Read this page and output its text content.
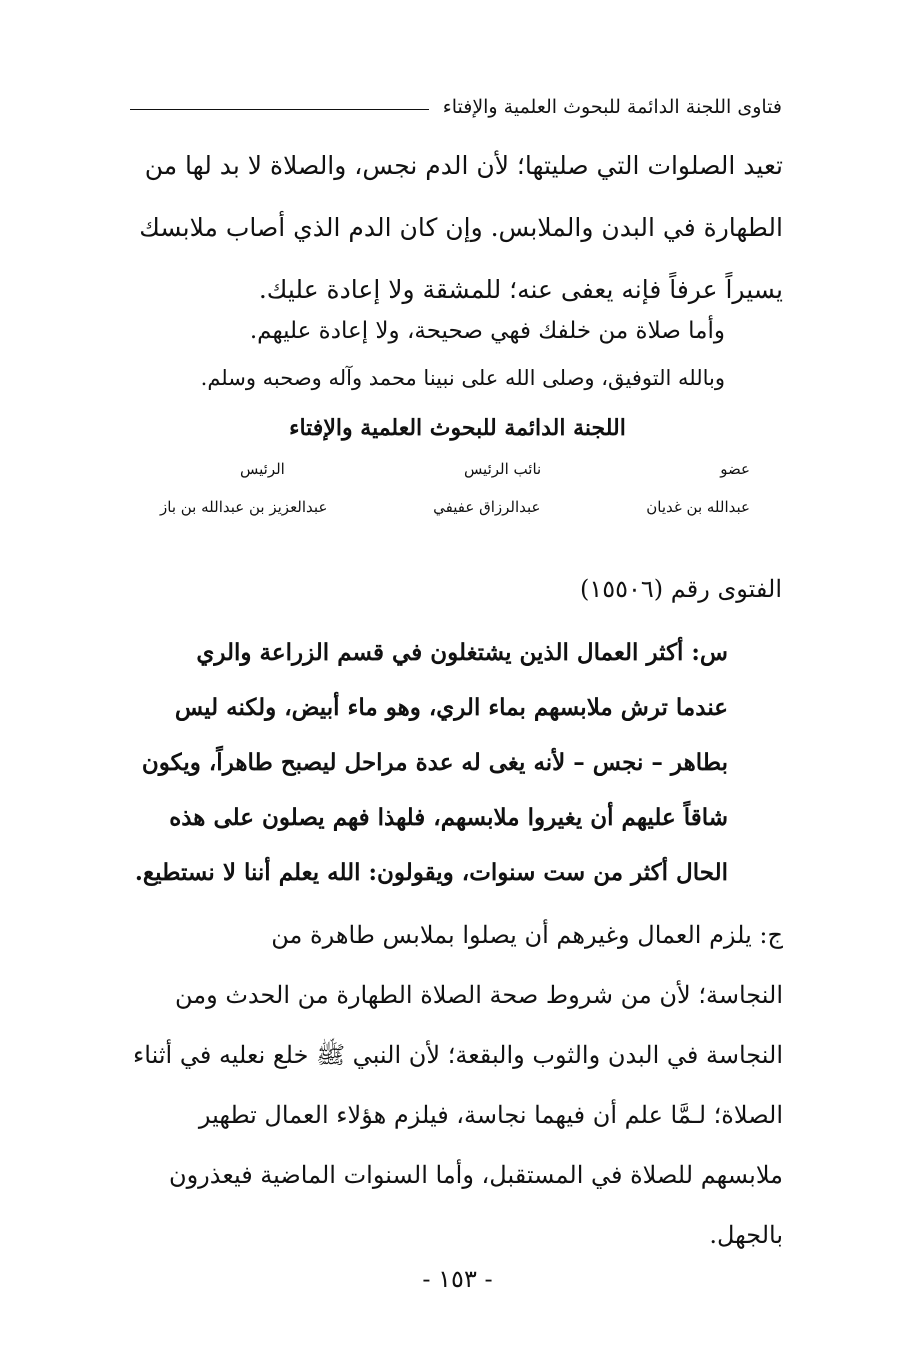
فتاوى اللجنة الدائمة للبحوث العلمية والإفتاء

تعيد الصلوات التي صليتها؛ لأن الدم نجس، والصلاة لا بد لها من

الطهارة في البدن والملابس. وإن كان الدم الذي أصاب ملابسك

يسيراً عرفاً فإنه يعفى عنه؛ للمشقة ولا إعادة عليك.

وأما صلاة من خلفك فهي صحيحة، ولا إعادة عليهم.
وبالله التوفيق، وصلى الله على نبينا محمد وآله وصحبه وسلم.
اللجنة الدائمة للبحوث العلمية والإفتاء
عضو
نائب الرئيس
الرئيس
عبدالله بن غديان
عبدالرزاق عفيفي
عبدالعزيز بن عبدالله بن باز
الفتوى رقم (١٥٥٠٦)

س: أكثر العمال الذين يشتغلون في قسم الزراعة والري

عندما ترش ملابسهم بماء الري، وهو ماء أبيض، ولكنه ليس

بطاهر – نجس – لأنه يغى له عدة مراحل ليصبح طاهراً، ويكون

شاقاً عليهم أن يغيروا ملابسهم، فلهذا فهم يصلون على هذه

الحال أكثر من ست سنوات، ويقولون: الله يعلم أننا لا نستطيع.

ج: يلزم العمال وغيرهم أن يصلوا بملابس طاهرة من

النجاسة؛ لأن من شروط صحة الصلاة الطهارة من الحدث ومن

النجاسة في البدن والثوب والبقعة؛ لأن النبي ﷺ خلع نعليه في أثناء

الصلاة؛ لـمَّا علم أن فيهما نجاسة، فيلزم هؤلاء العمال تطهير

ملابسهم للصلاة في المستقبل، وأما السنوات الماضية فيعذرون

بالجهل.

- ١٥٣ -
